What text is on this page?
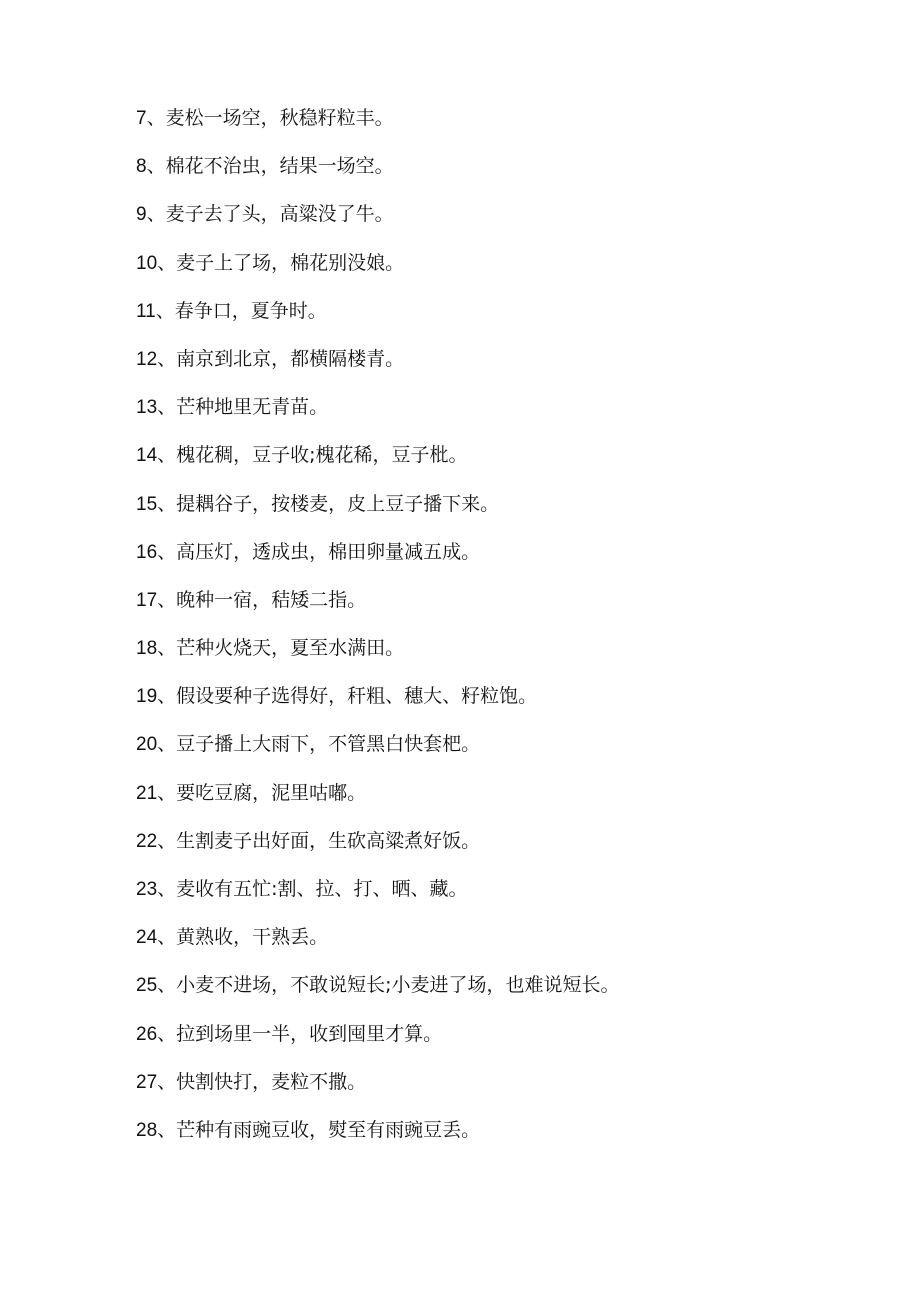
7、麦松一场空，秋稳籽粒丰。
8、棉花不治虫，结果一场空。
9、麦子去了头，高粱没了牛。
10、麦子上了场，棉花别没娘。
11、春争口，夏争时。
12、南京到北京，都横隔楼青。
13、芒种地里无青苗。
14、槐花稠，豆子收;槐花稀，豆子枇。
15、提耦谷子，按楼麦，皮上豆子播下来。
16、高压灯，透成虫，棉田卵量减五成。
17、晚种一宿，秸矮二指。
18、芒种火烧天，夏至水满田。
19、假设要种子选得好，秆粗、穗大、籽粒饱。
20、豆子播上大雨下，不管黑白快套杷。
21、要吃豆腐，泥里咕嘟。
22、生割麦子出好面，生砍高粱煮好饭。
23、麦收有五忙:割、拉、打、晒、藏。
24、黄熟收，干熟丢。
25、小麦不进场，不敢说短长;小麦进了场，也难说短长。
26、拉到场里一半，收到囤里才算。
27、快割快打，麦粒不撒。
28、芒种有雨豌豆收，熨至有雨豌豆丢。
